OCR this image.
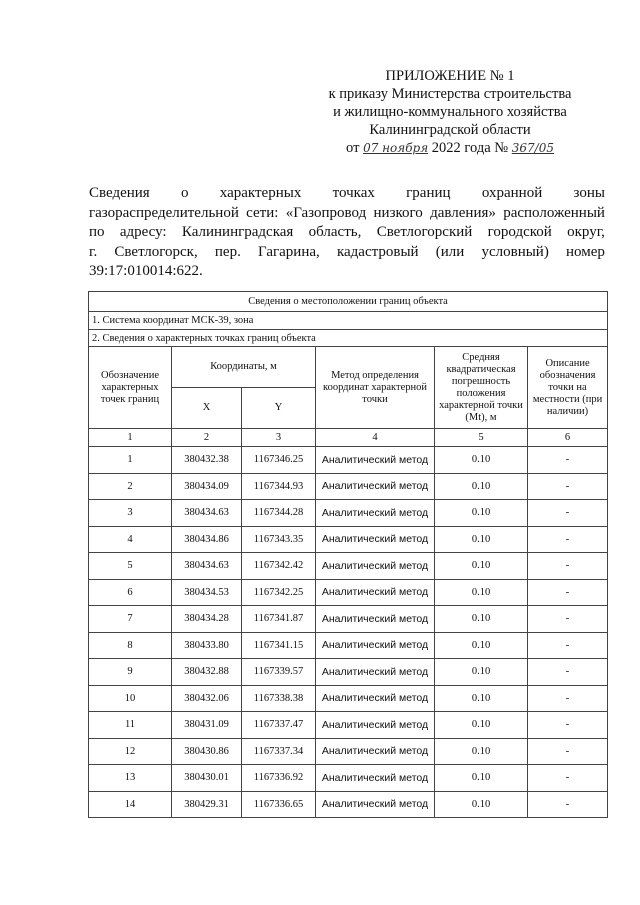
ПРИЛОЖЕНИЕ № 1
к приказу Министерства строительства
и жилищно-коммунального хозяйства
Калининградской области
от 07 ноября 2022 года № 367/05
Сведения о характерных точках границ охранной зоны
газораспределительной сети: «Газопровод низкого давления» расположенный
по адресу: Калининградская область, Светлогорский городской округ,
г. Светлогорск, пер. Гагарина, кадастровый (или условный) номер
39:17:010014:622.
Сведения о местоположении границ объекта					
1. Система координат МСК-39, зона					
2. Сведения о характерных точках границ объекта					
Обозначение характерных точек границ	Координаты, м		Метод определения координат характерной точки	Средняя квадратическая погрешность положения характерной точки (Mt), м	Описание обозначения точки на местности (при наличии)
	X	Y			
1	2	3	4	5	6
1	380432.38	1167346.25	Аналитический метод	0.10	-
2	380434.09	1167344.93	Аналитический метод	0.10	-
3	380434.63	1167344.28	Аналитический метод	0.10	-
4	380434.86	1167343.35	Аналитический метод	0.10	-
5	380434.63	1167342.42	Аналитический метод	0.10	-
6	380434.53	1167342.25	Аналитический метод	0.10	-
7	380434.28	1167341.87	Аналитический метод	0.10	-
8	380433.80	1167341.15	Аналитический метод	0.10	-
9	380432.88	1167339.57	Аналитический метод	0.10	-
10	380432.06	1167338.38	Аналитический метод	0.10	-
11	380431.09	1167337.47	Аналитический метод	0.10	-
12	380430.86	1167337.34	Аналитический метод	0.10	-
13	380430.01	1167336.92	Аналитический метод	0.10	-
14	380429.31	1167336.65	Аналитический метод	0.10	-
